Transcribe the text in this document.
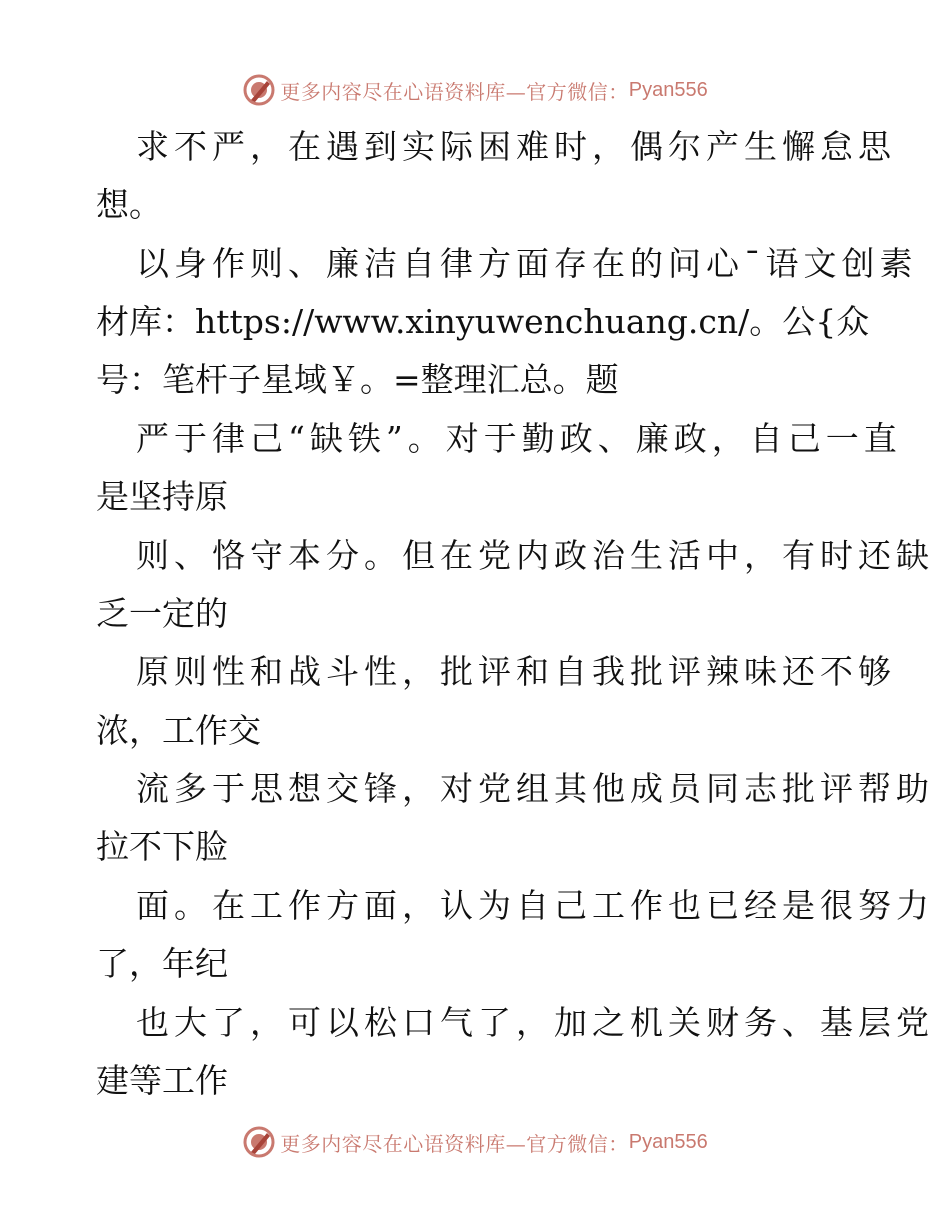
更多内容尽在心语资料库—官方微信： Pyan556
求不严，在遇到实际困难时，偶尔产生懈怠思
想。
以身作则、廉洁自律方面存在的问心¯语文创素
材库：https://www.xinyuwenchuang.cn/。公{众
号：笔杆子星域￥。=整理汇总。题
严于律己“缺铁”。对于勤政、廉政，自己一直
是坚持原
则、恪守本分。但在党内政治生活中，有时还缺
乏一定的
原则性和战斗性，批评和自我批评辣味还不够
浓，工作交
流多于思想交锋，对党组其他成员同志批评帮助
拉不下脸
面。在工作方面，认为自己工作也已经是很努力
了，年纪
也大了，可以松口气了，加之机关财务、基层党
建等工作
更多内容尽在心语资料库—官方微信： Pyan556
